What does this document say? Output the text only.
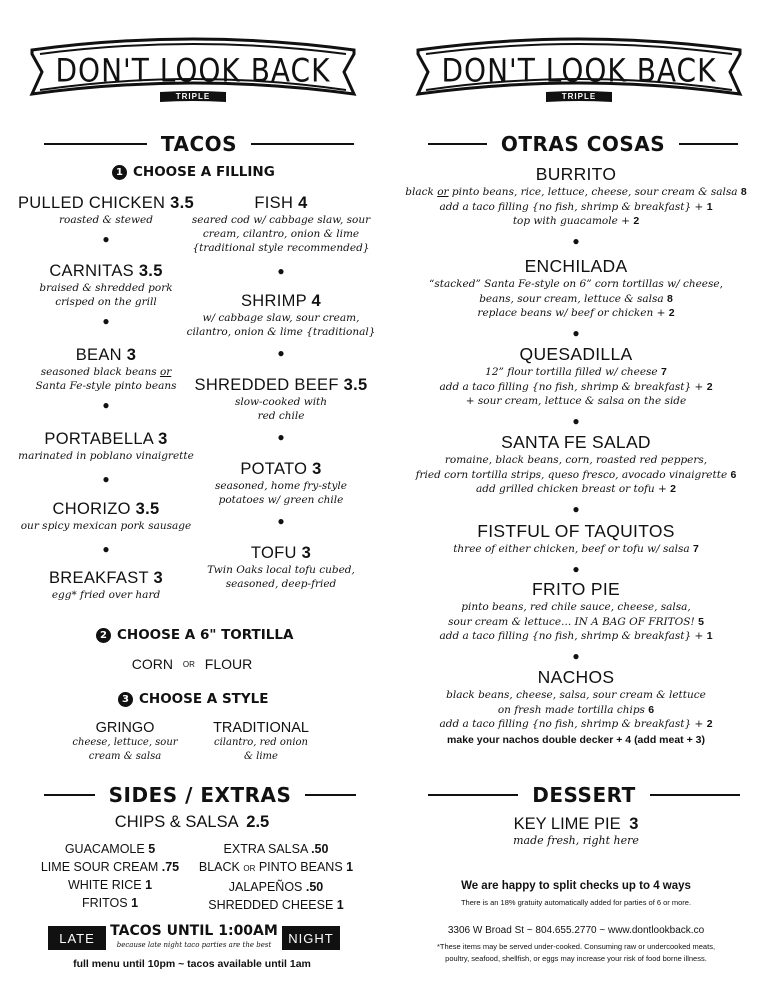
DON'T LOOK BACK
TRIPLE
TACOS
1 CHOOSE A FILLING
PULLED CHICKEN 3.5
roasted & stewed
●
CARNITAS 3.5
braised & shredded pork
crisped on the grill
●
BEAN 3
seasoned black beans or
Santa Fe-style pinto beans
●
PORTABELLA 3
marinated in poblano vinaigrette
●
CHORIZO 3.5
our spicy mexican pork sausage
●
BREAKFAST 3
egg* fried over hard
FISH 4
seared cod w/ cabbage slaw, sour
cream, cilantro, onion & lime
{traditional style recommended}
●
SHRIMP 4
w/ cabbage slaw, sour cream,
cilantro, onion & lime {traditional}
●
SHREDDED BEEF 3.5
slow-cooked with
red chile
●
POTATO 3
seasoned, home fry-style
potatoes w/ green chile
●
TOFU 3
Twin Oaks local tofu cubed,
seasoned, deep-fried
2 CHOOSE A 6" TORTILLA
CORN OR FLOUR
3 CHOOSE A STYLE
GRINGO
cheese, lettuce, sour
cream & salsa
TRADITIONAL
cilantro, red onion
& lime
SIDES / EXTRAS
CHIPS & SALSA 2.5
GUACAMOLE 5
LIME SOUR CREAM .75
WHITE RICE 1
FRITOS 1
EXTRA SALSA .50
BLACK OR PINTO BEANS 1
JALAPEÑOS .50
SHREDDED CHEESE 1
LATE	NIGHT
TACOS UNTIL 1:00AM
because late night taco parties are the best
full menu until 10pm ~ tacos available until 1am
DON'T LOOK BACK
TRIPLE
OTRAS COSAS
BURRITO
black or pinto beans, rice, lettuce, cheese, sour cream & salsa 8
add a taco filling {no fish, shrimp & breakfast} + 1
top with guacamole + 2
●
ENCHILADA
“stacked” Santa Fe-style on 6” corn tortillas w/ cheese,
beans, sour cream, lettuce & salsa 8
replace beans w/ beef or chicken + 2
●
QUESADILLA
12” flour tortilla filled w/ cheese 7
add a taco filling {no fish, shrimp & breakfast} + 2
+ sour cream, lettuce & salsa on the side
●
SANTA FE SALAD
romaine, black beans, corn, roasted red peppers,
fried corn tortilla strips, queso fresco, avocado vinaigrette 6
add grilled chicken breast or tofu + 2
●
FISTFUL OF TAQUITOS
three of either chicken, beef or tofu w/ salsa 7
●
FRITO PIE
pinto beans, red chile sauce, cheese, salsa,
sour cream & lettuce... IN A BAG OF FRITOS! 5
add a taco filling {no fish, shrimp & breakfast} + 1
●
NACHOS
black beans, cheese, salsa, sour cream & lettuce
on fresh made tortilla chips 6
add a taco filling {no fish, shrimp & breakfast} + 2
make your nachos double decker + 4 (add meat + 3)
DESSERT
KEY LIME PIE 3
made fresh, right here
We are happy to split checks up to 4 ways
There is an 18% gratuity automatically added for parties of 6 or more.
3306 W Broad St ~ 804.655.2770 ~ www.dontlookback.co
*These items may be served under-cooked. Consuming raw or undercooked meats,
poultry, seafood, shellfish, or eggs may increase your risk of food borne illness.
